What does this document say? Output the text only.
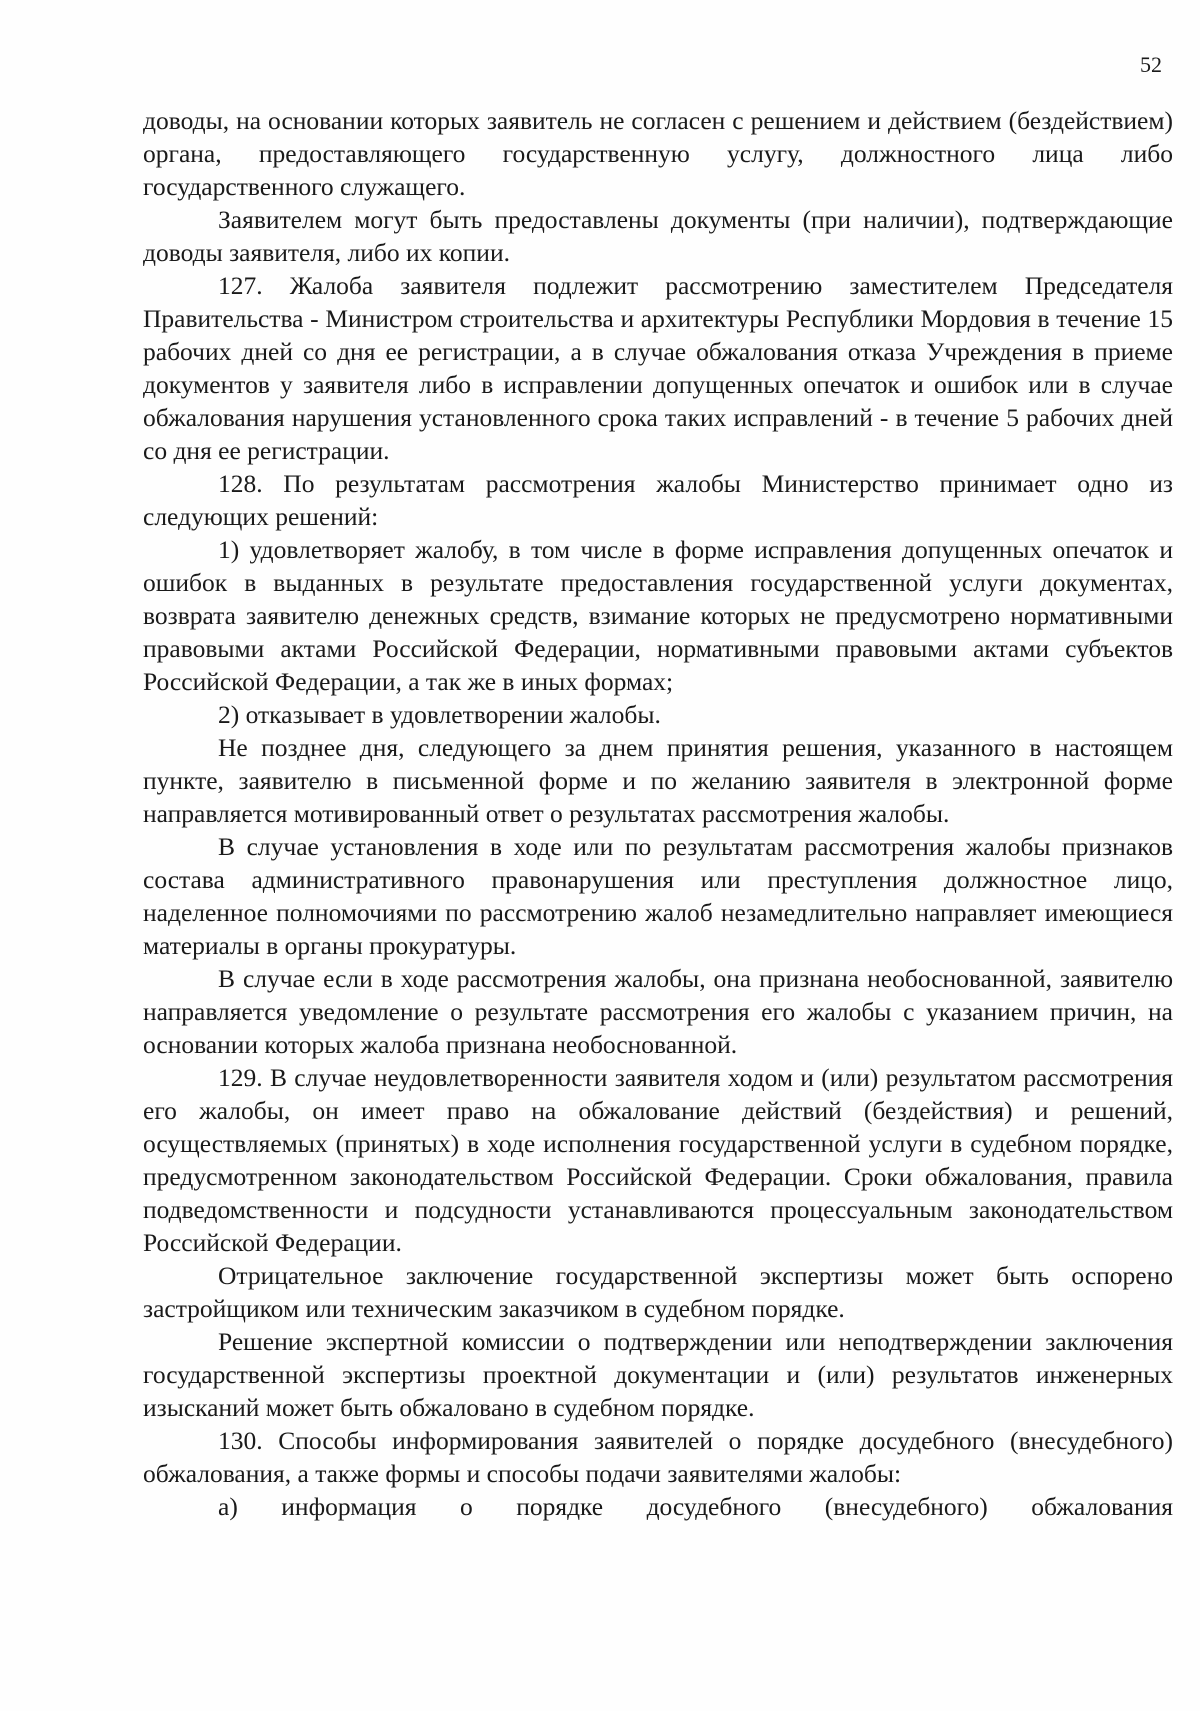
52

доводы, на основании которых заявитель не согласен с решением и действием (бездействием) органа, предоставляющего государственную услугу, должностного лица либо государственного служащего.

Заявителем могут быть предоставлены документы (при наличии), подтверждающие доводы заявителя, либо их копии.

127. Жалоба заявителя подлежит рассмотрению заместителем Председателя Правительства - Министром строительства и архитектуры Республики Мордовия в течение 15 рабочих дней со дня ее регистрации, а в случае обжалования отказа Учреждения в приеме документов у заявителя либо в исправлении допущенных опечаток и ошибок или в случае обжалования нарушения установленного срока таких исправлений - в течение 5 рабочих дней со дня ее регистрации.

128. По результатам рассмотрения жалобы Министерство принимает одно из следующих решений:

1) удовлетворяет жалобу, в том числе в форме исправления допущенных опечаток и ошибок в выданных в результате предоставления государственной услуги документах, возврата заявителю денежных средств, взимание которых не предусмотрено нормативными правовыми актами Российской Федерации, нормативными правовыми актами субъектов Российской Федерации, а так же в иных формах;

2) отказывает в удовлетворении жалобы.

Не позднее дня, следующего за днем принятия решения, указанного в настоящем пункте, заявителю в письменной форме и по желанию заявителя в электронной форме направляется мотивированный ответ о результатах рассмотрения жалобы.

В случае установления в ходе или по результатам рассмотрения жалобы признаков состава административного правонарушения или преступления должностное лицо, наделенное полномочиями по рассмотрению жалоб незамедлительно направляет имеющиеся материалы в органы прокуратуры.

В случае если в ходе рассмотрения жалобы, она признана необоснованной, заявителю направляется уведомление о результате рассмотрения его жалобы с указанием причин, на основании которых жалоба признана необоснованной.

129. В случае неудовлетворенности заявителя ходом и (или) результатом рассмотрения его жалобы, он имеет право на обжалование действий (бездействия) и решений, осуществляемых (принятых) в ходе исполнения государственной услуги в судебном порядке, предусмотренном законодательством Российской Федерации. Сроки обжалования, правила подведомственности и подсудности устанавливаются процессуальным законодательством Российской Федерации.

Отрицательное заключение государственной экспертизы может быть оспорено застройщиком или техническим заказчиком в судебном порядке.

Решение экспертной комиссии о подтверждении или неподтверждении заключения государственной экспертизы проектной документации и (или) результатов инженерных изысканий может быть обжаловано в судебном порядке.

130. Способы информирования заявителей о порядке досудебного (внесудебного) обжалования, а также формы и способы подачи заявителями жалобы:

а) информация о порядке досудебного (внесудебного) обжалования
